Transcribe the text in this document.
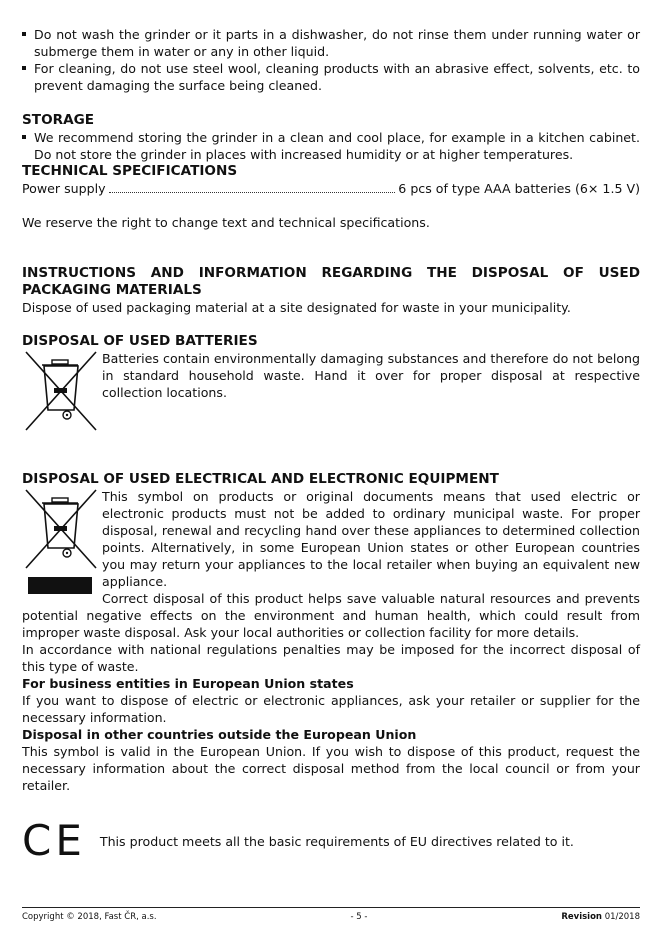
Do not wash the grinder or it parts in a dishwasher, do not rinse them under running water or submerge them in water or any in other liquid.
For cleaning, do not use steel wool, cleaning products with an abrasive effect, solvents, etc. to prevent damaging the surface being cleaned.
STORAGE
We recommend storing the grinder in a clean and cool place, for example in a kitchen cabinet. Do not store the grinder in places with increased humidity or at higher temperatures.
TECHNICAL SPECIFICATIONS
Power supply	6 pcs of type AAA batteries (6× 1.5 V)

We reserve the right to change text and technical specifications.

INSTRUCTIONS AND INFORMATION REGARDING THE DISPOSAL OF USED PACKAGING MATERIALS

Dispose of used packaging material at a site designated for waste in your municipality.

DISPOSAL OF USED BATTERIES
Batteries contain environmentally damaging substances and therefore do not belong in standard household waste. Hand it over for proper disposal at respective collection locations.
DISPOSAL OF USED ELECTRICAL AND ELECTRONIC EQUIPMENT
This symbol on products or original documents means that used electric or electronic products must not be added to ordinary municipal waste. For proper disposal, renewal and recycling hand over these appliances to determined collection points. Alternatively, in some European Union states or other European countries you may return your appliances to the local retailer when buying an equivalent new appliance.

Correct disposal of this product helps save valuable natural resources and prevents potential negative effects on the environment and human health, which could result from improper waste disposal. Ask your local authorities or collection facility for more details.

In accordance with national regulations penalties may be imposed for the incorrect disposal of this type of waste.

For business entities in European Union states

If you want to dispose of electric or electronic appliances, ask your retailer or supplier for the necessary information.

Disposal in other countries outside the European Union

This symbol is valid in the European Union. If you wish to dispose of this product, request the necessary information about the correct disposal method from the local council or from your retailer.

CE This product meets all the basic requirements of EU directives related to it.
Copyright © 2018, Fast ČR, a.s.	- 5 -	Revision 01/2018
